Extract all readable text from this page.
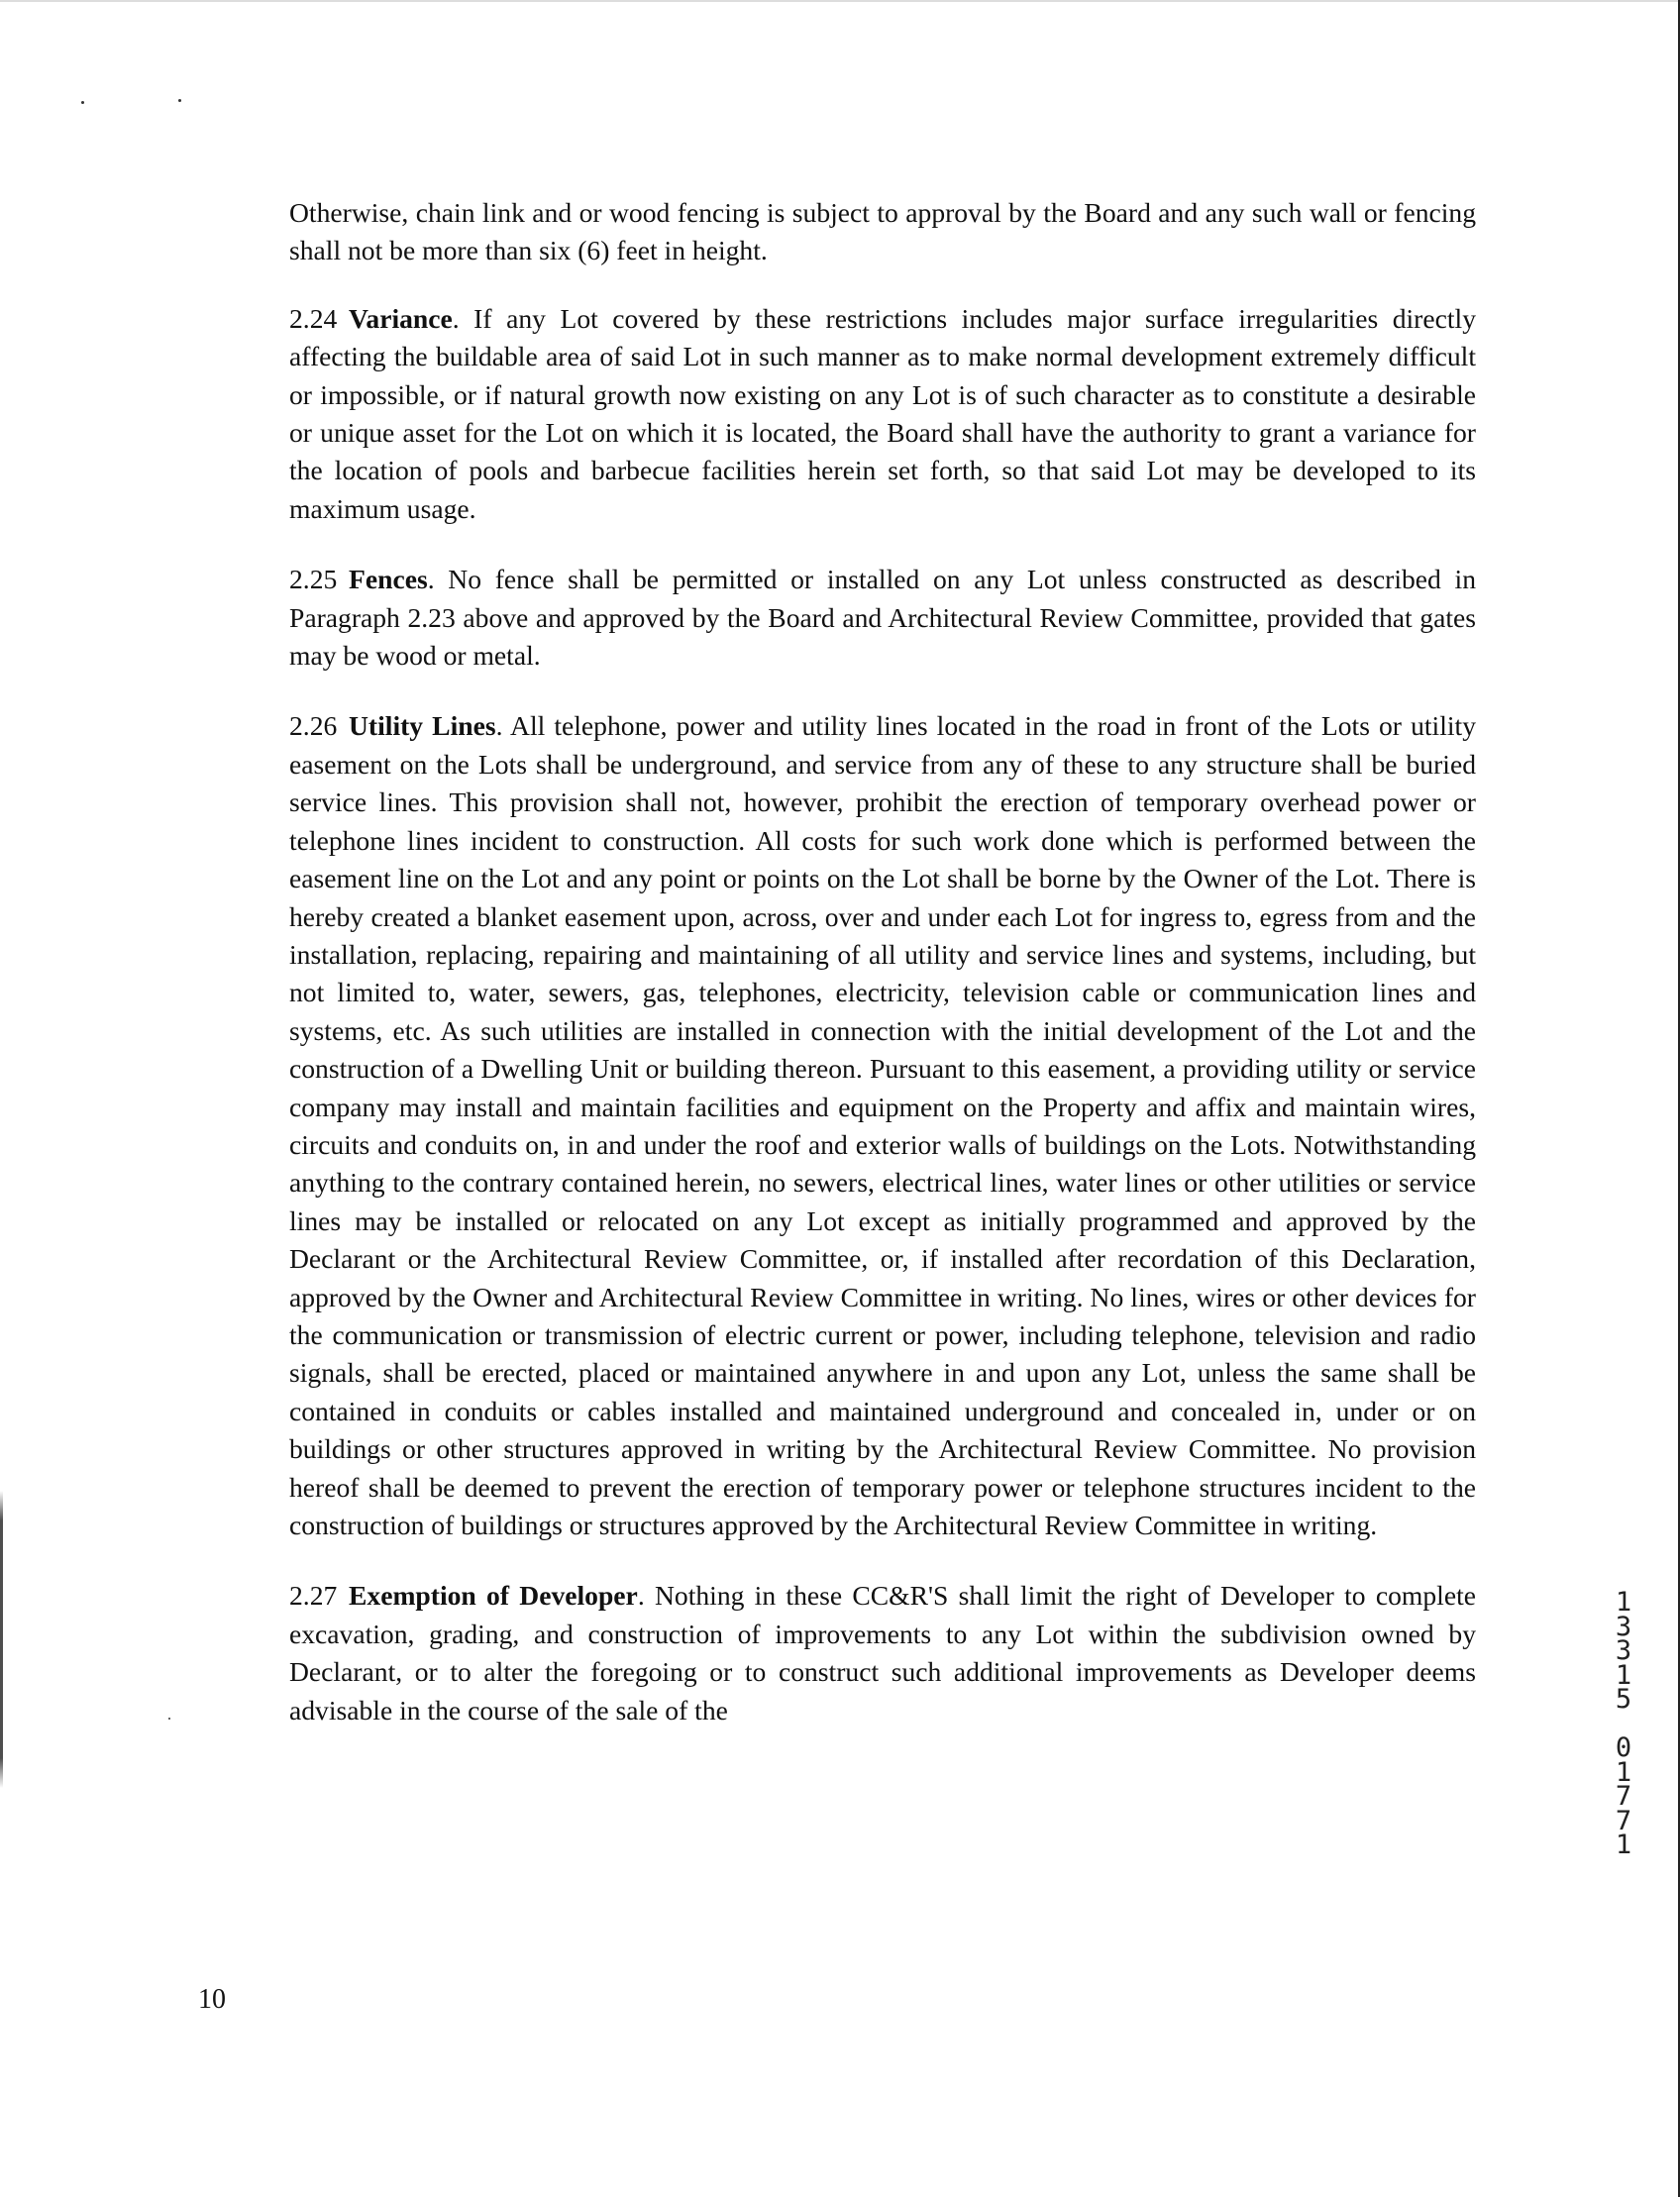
Otherwise, chain link and or wood fencing is subject to approval by the Board and any such wall or fencing shall not be more than six (6) feet in height.

2.24 Variance. If any Lot covered by these restrictions includes major surface irregularities directly affecting the buildable area of said Lot in such manner as to make normal development extremely difficult or impossible, or if natural growth now existing on any Lot is of such character as to constitute a desirable or unique asset for the Lot on which it is located, the Board shall have the authority to grant a variance for the location of pools and barbecue facilities herein set forth, so that said Lot may be developed to its maximum usage.

2.25 Fences. No fence shall be permitted or installed on any Lot unless constructed as described in Paragraph 2.23 above and approved by the Board and Architectural Review Committee, provided that gates may be wood or metal.

2.26 Utility Lines. All telephone, power and utility lines located in the road in front of the Lots or utility easement on the Lots shall be underground, and service from any of these to any structure shall be buried service lines. This provision shall not, however, prohibit the erection of temporary overhead power or telephone lines incident to construction. All costs for such work done which is performed between the easement line on the Lot and any point or points on the Lot shall be borne by the Owner of the Lot. There is hereby created a blanket easement upon, across, over and under each Lot for ingress to, egress from and the installation, replacing, repairing and maintaining of all utility and service lines and systems, including, but not limited to, water, sewers, gas, telephones, electricity, television cable or communication lines and systems, etc. As such utilities are installed in connection with the initial development of the Lot and the construction of a Dwelling Unit or building thereon. Pursuant to this easement, a providing utility or service company may install and maintain facilities and equipment on the Property and affix and maintain wires, circuits and conduits on, in and under the roof and exterior walls of buildings on the Lots. Notwithstanding anything to the contrary contained herein, no sewers, electrical lines, water lines or other utilities or service lines may be installed or relocated on any Lot except as initially programmed and approved by the Declarant or the Architectural Review Committee, or, if installed after recordation of this Declaration, approved by the Owner and Architectural Review Committee in writing. No lines, wires or other devices for the communication or transmission of electric current or power, including telephone, television and radio signals, shall be erected, placed or maintained anywhere in and upon any Lot, unless the same shall be contained in conduits or cables installed and maintained underground and concealed in, under or on buildings or other structures approved in writing by the Architectural Review Committee. No provision hereof shall be deemed to prevent the erection of temporary power or telephone structures incident to the construction of buildings or structures approved by the Architectural Review Committee in writing.

2.27 Exemption of Developer. Nothing in these CC&R'S shall limit the right of Developer to complete excavation, grading, and construction of improvements to any Lot within the subdivision owned by Declarant, or to alter the foregoing or to construct such additional improvements as Developer deems advisable in the course of the sale of the

10
1
3
3
1
5
0
1
7
7
1
